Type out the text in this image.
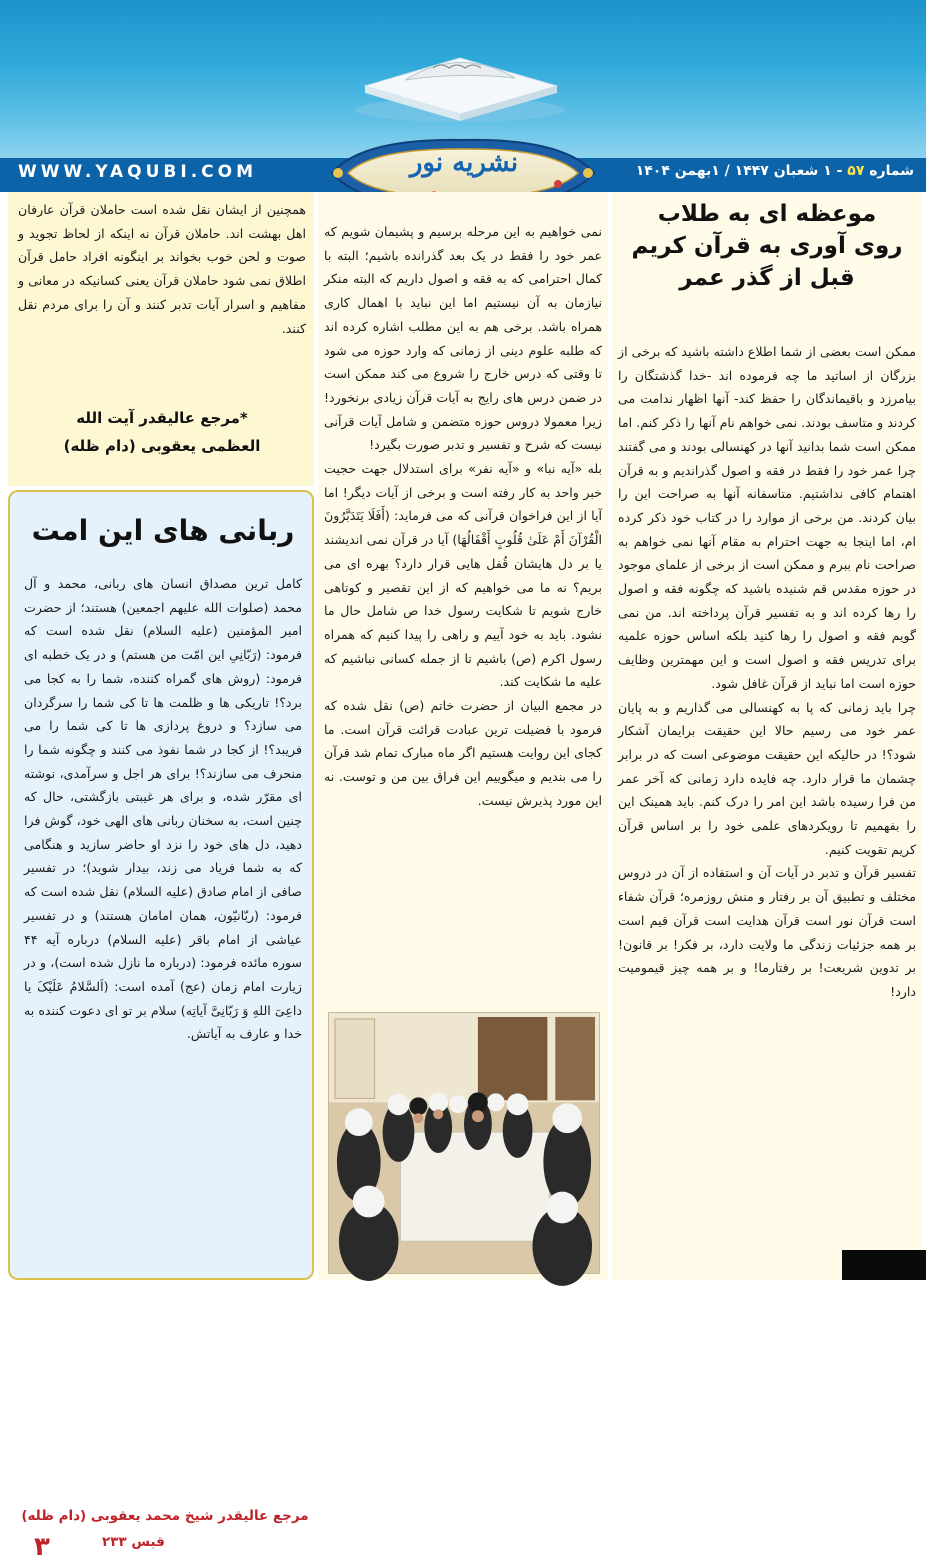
WWW.YAQUBI.COM	شماره ۵۷ - ۱ شعبان ۱۴۴۷ / ۱بهمن ۱۴۰۴
نشریه نور
موعظه ای به طلاب
روی آوری به قرآن کریم
قبل از گذر عمر

ممکن است بعضی از شما اطلاع داشته باشید که برخی از بزرگان از اساتید ما چه فرموده اند -خدا گذشتگان را بیامرزد و باقیماندگان را حفظ کند- آنها اظهار ندامت می کردند و متاسف بودند. نمی خواهم نام آنها را ذکر کنم. اما ممکن است شما بدانید آنها در کهنسالی بودند و می گفتند چرا عمر خود را فقط در فقه و اصول گذراندیم و به قرآن اهتمام کافی نداشتیم. متاسفانه آنها به صراحت این را بیان کردند. من برخی از موارد را در کتاب خود ذکر کرده ام، اما اینجا به جهت احترام به مقام آنها نمی خواهم به صراحت نام ببرم و ممکن است از برخی از علمای موجود در حوزه مقدس قم شنیده باشید که چگونه فقه و اصول را رها کرده اند و به تفسیر قرآن پرداخته اند. من نمی گویم فقه و اصول را رها کنید بلکه اساس حوزه علمیه برای تدریس فقه و اصول است و این مهمترین وظایف حوزه است اما نباید از قرآن غافل شود.

چرا باید زمانی که پا به کهنسالی می گذاریم و به پایان عمر خود می رسیم حالا این حقیقت برایمان آشکار شود؟! در حالیکه این حقیقت موضوعی است که در برابر چشمان ما قرار دارد. چه فایده دارد زمانی که آخر عمر من فرا رسیده باشد این امر را درک کنم. باید همینک این را بفهمیم تا رویکردهای علمی خود را بر اساس قرآن کریم تقویت کنیم.

تفسیر قرآن و تدبر در آیات آن و استفاده از آن در دروس مختلف و تطبیق آن بر رفتار و منش روزمره؛ قرآن شفاء است قرآن نور است قرآن هدایت است قرآن قیم است بر همه جزئیات زندگی ما ولایت دارد، بر فکر! بر قانون! بر تدوین شریعت! بر رفتارما! و بر همه چیز قیمومیت دارد!

نمی خواهیم به این مرحله برسیم و پشیمان شویم که عمر خود را فقط در یک بعد گذرانده باشیم؛ البته با کمال احترامی که به فقه و اصول داریم که البته منکر نیازمان به آن نیستیم اما این نباید با اهمال کاری همراه باشد. برخی هم به این مطلب اشاره کرده اند که طلبه علوم دینی از زمانی که وارد حوزه می شود تا وقتی که درس خارج را شروع می کند ممکن است در ضمن درس های رایج به آیات قرآن زیادی برنخورد! زیرا معمولا دروس حوزه متضمن و شامل آیات قرآنی نیست که شرح و تفسیر و تدبر صورت بگیرد!

بله «آیه نبا» و «آیه نفر» برای استدلال جهت حجیت خبر واحد به کار رفته است و برخی از آیات دیگر! اما آیا از این فراخوان قرآنی که می فرماید: (أَفَلَا يَتَدَبَّرُونَ الْقُرْآنَ أَمْ عَلَىٰ قُلُوبٍ أَقْفَالُهَا) آیا در قرآن نمی اندیشند یا بر دل هایشان قُفل هایی قرار دارد؟ بهره ای می بریم؟ نه ما می خواهیم که از این تقصیر و کوتاهی خارج شویم تا شکایت رسول خدا ص شامل حال ما نشود. باید به خود آییم و راهی را پیدا کنیم که همراه رسول اکرم (ص) باشیم تا از جمله کسانی نباشیم که علیه ما شکایت کند.

در مجمع البیان از حضرت خاتم (ص) نقل شده که فرمود با فضیلت ترین عبادت قرائت قرآن است. ما کجای این روایت هستیم اگر ماه مبارک تمام شد قرآن را می بندیم و میگوییم این فراق بین من و توست. نه این مورد پذیرش نیست.

همچنین از ایشان نقل شده است حاملان قرآن عارفان اهل بهشت اند. حاملان قرآن نه اینکه از لحاظ تجوید و صوت و لحن خوب بخواند بر اینگونه افراد حامل قرآن اطلاق نمی شود حاملان قرآن یعنی کسانیکه در معانی و مفاهیم و اسرار آیات تدبر کنند و آن را برای مردم نقل کنند.
*مرجع عالیقدر آیت الله
العظمی یعقوبی (دام ظله)
ربانی های این امت
کامل ترین مصداق انسان های ربانی، محمد و آل محمد (صلوات الله علیهم اجمعین) هستند؛ از حضرت امیر المؤمنین (علیه السلام) نقل شده است که فرمود: (رَبّانِیِ این امّت من هستم) و در یک خطبه ای فرمود: (روش های گمراه کننده، شما را به کجا می برد؟! تاریکی ها و ظلمت ها تا کی شما را سرگردان می سازد؟ و دروغ پردازی ها تا کی شما را می فریبد؟! از کجا در شما نفوذ می کنند و چگونه شما را منحرف می سازند؟! برای هر اجل و سرآمدی، نوشته ای مقرّر شده، و برای هر غیبتی بازگشتی، حال که چنین است، به سخنان ربانی های الهی خود، گوش فرا دهید، دل های خود را نزد او حاضر سازید و هنگامی که به شما فریاد می زند، بیدار شوید)؛ در تفسیر صافی از امام صادق (علیه السلام) نقل شده است که فرمود: (ربّانیّون، همان امامان هستند) و در تفسیر عیاشی از امام باقر (علیه السلام) درباره آیه ۴۴ سوره مائده فرمود: (درباره ما نازل شده است)، و در زیارت امام زمان (عج) آمده است: (اَلسَّلامُ عَلَیْکَ یا داعِیَ اللهِ وَ رَبّانِیَّ آیاتِه) سلام بر تو ای دعوت کننده به خدا و عارف به آیاتش.
مرجع عالیقدر شیخ محمد یعقوبی (دام ظله)
قبس ۲۳۳
۳
